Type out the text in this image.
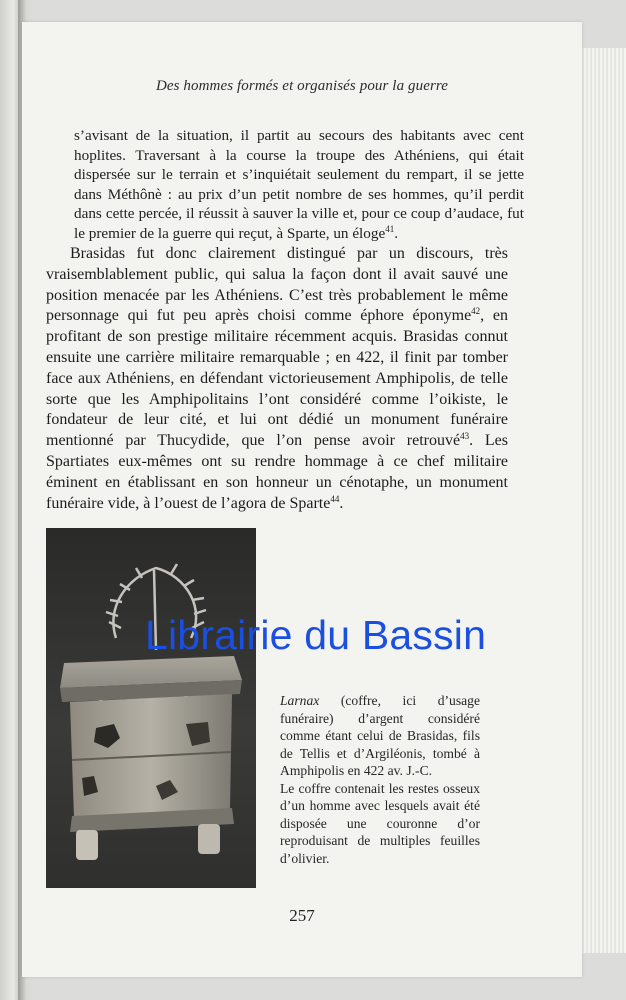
Des hommes formés et organisés pour la guerre

s’avisant de la situation, il partit au secours des habitants avec cent hoplites. Traversant à la course la troupe des Athéniens, qui était dispersée sur le terrain et s’inquiétait seulement du rempart, il se jette dans Méthônè : au prix d’un petit nombre de ses hommes, qu’il perdit dans cette percée, il réussit à sauver la ville et, pour ce coup d’audace, fut le premier de la guerre qui reçut, à Sparte, un éloge$^{41}$.

Brasidas fut donc clairement distingué par un discours, très vraisemblablement public, qui salua la façon dont il avait sauvé une position menacée par les Athéniens. C’est très probablement le même personnage qui fut peu après choisi comme éphore éponyme$^{42}$, en profitant de son prestige militaire récemment acquis. Brasidas connut ensuite une carrière militaire remarquable ; en 422, il finit par tomber face aux Athéniens, en défendant victorieusement Amphipolis, de telle sorte que les Amphipolitains l’ont considéré comme l’oikiste, le fondateur de leur cité, et lui ont dédié un monument funéraire mentionné par Thucydide, que l’on pense avoir retrouvé$^{43}$. Les Spartiates eux-mêmes ont su rendre hommage à ce chef militaire éminent en établissant en son honneur un cénotaphe, un monument funéraire vide, à l’ouest de l’agora de Sparte$^{44}$.

Larnax (coffre, ici d’usage funéraire) d’argent considéré comme étant celui de Brasidas, fils de Tellis et d’Argiléonis, tombé à Amphipolis en 422 av. J.-C.

Le coffre contenait les restes osseux d’un homme avec lesquels avait été disposée une couronne d’or reproduisant de multiples feuilles d’olivier.

257
Librairie du Bassin
